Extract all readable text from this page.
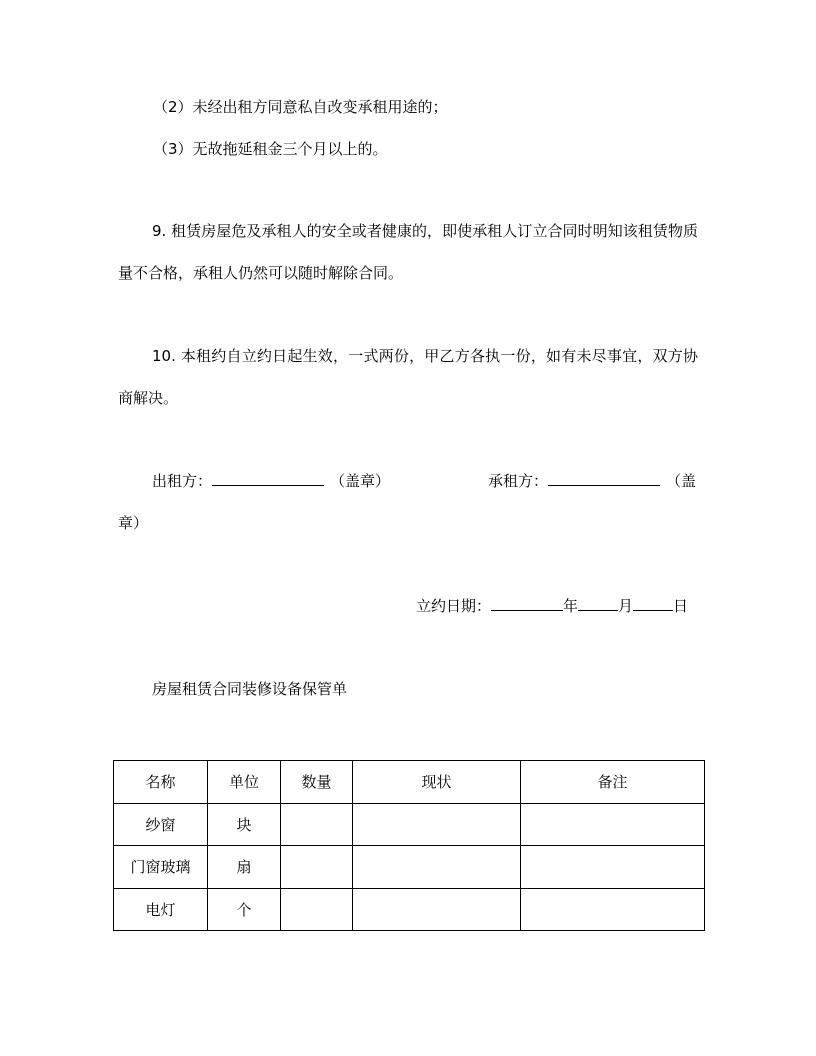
（2）未经出租方同意私自改变承租用途的；
（3）无故拖延租金三个月以上的。
9. 租赁房屋危及承租人的安全或者健康的，即使承租人订立合同时明知该租赁物质量不合格，承租人仍然可以随时解除合同。
10. 本租约自立约日起生效，一式两份，甲乙方各执一份，如有未尽事宜，双方协商解决。
出租方：	（盖章）	承租方：	（盖
章）
立约日期：	年	月	日
房屋租赁合同装修设备保管单
名称	单位	数量	现状	备注
纱窗	块			
门窗玻璃	扇			
电灯	个			
